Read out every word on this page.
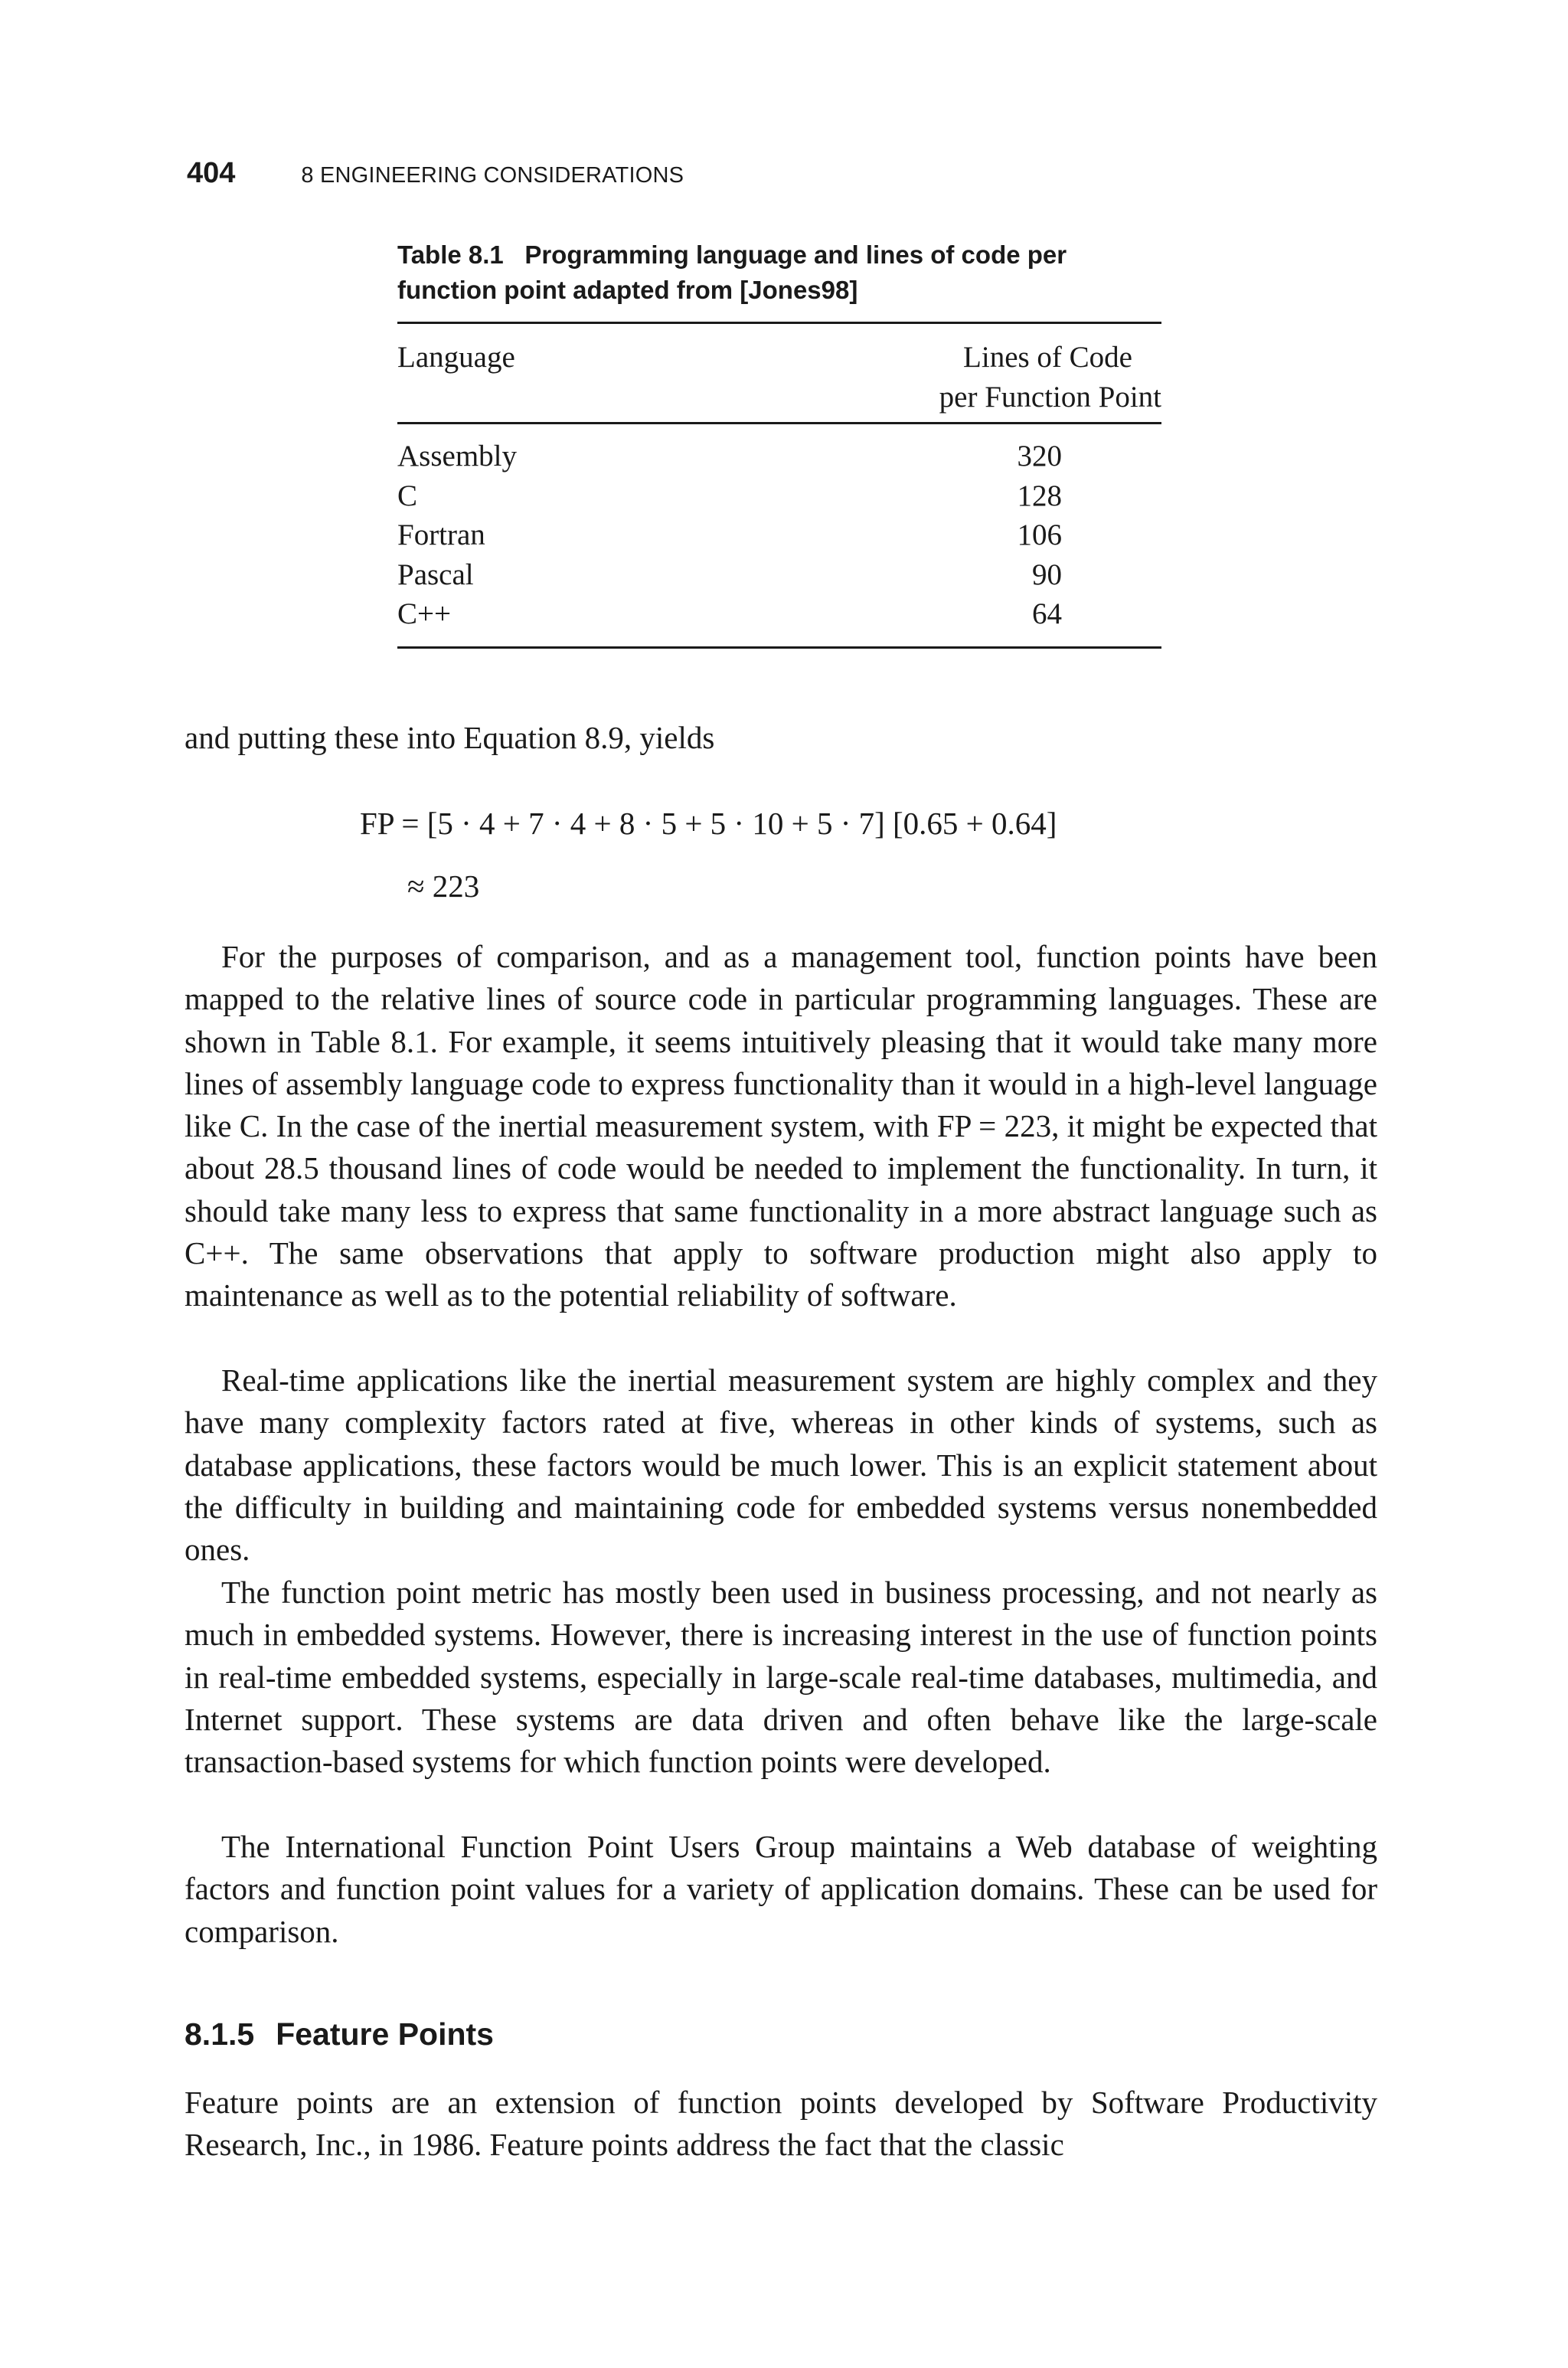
404	8 ENGINEERING CONSIDERATIONS

Table 8.1 Programming language and lines of code per function point adapted from [Jones98]

Language	Lines of Code
per Function Point
Assembly	320
C	128
Fortran	106
Pascal	90
C++	64

and putting these into Equation 8.9, yields

FP = [5 · 4 + 7 · 4 + 8 · 5 + 5 · 10 + 5 · 7] [0.65 + 0.64]
≈ 223

For the purposes of comparison, and as a management tool, function points have been mapped to the relative lines of source code in particular programming languages. These are shown in Table 8.1. For example, it seems intuitively pleasing that it would take many more lines of assembly language code to express functionality than it would in a high-level language like C. In the case of the inertial measurement system, with FP = 223, it might be expected that about 28.5 thousand lines of code would be needed to implement the functionality. In turn, it should take many less to express that same functionality in a more abstract language such as C++. The same observations that apply to software production might also apply to maintenance as well as to the potential reliability of software.

Real-time applications like the inertial measurement system are highly complex and they have many complexity factors rated at five, whereas in other kinds of systems, such as database applications, these factors would be much lower. This is an explicit statement about the difficulty in building and maintaining code for embedded systems versus nonembedded ones.

The function point metric has mostly been used in business processing, and not nearly as much in embedded systems. However, there is increasing interest in the use of function points in real-time embedded systems, especially in large-scale real-time databases, multimedia, and Internet support. These systems are data driven and often behave like the large-scale transaction-based systems for which function points were developed.

The International Function Point Users Group maintains a Web database of weighting factors and function point values for a variety of application domains. These can be used for comparison.

8.1.5 Feature Points

Feature points are an extension of function points developed by Software Productivity Research, Inc., in 1986. Feature points address the fact that the classic
